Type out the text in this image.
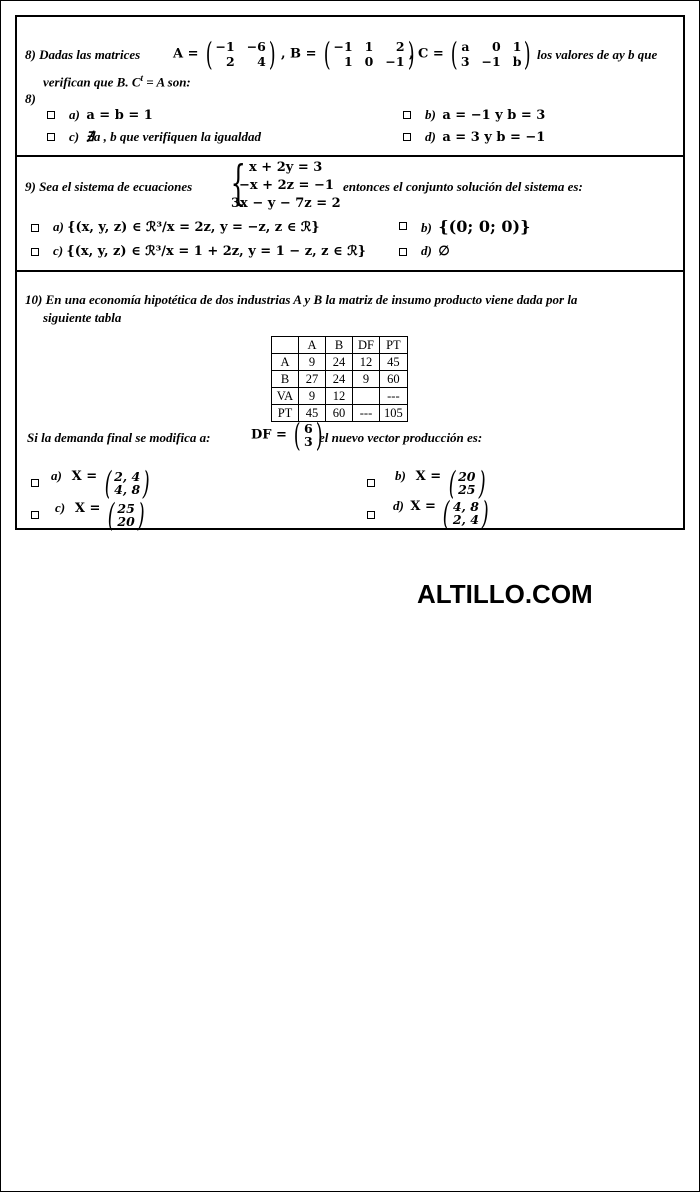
8) Dadas las matrices	A = ( −1 −6
2	4 ) , B = ( −1 1	2
1 0 −1 )
, C = ( a	0 1
3 −1 b ) los valores de ay b que
verifican que B. $C^t = A$ son:
8)
a) a = b = 1	b) a = −1 y b = 3
c) ∄a , b que verifiquen la igualdad	d) a = 3 y b = −1
9) Sea el sistema de ecuaciones { x + 2y = 3
−x + 2z = −1
3x − y − 7z = 2
entonces el conjunto solución del sistema es:
a) {(x, y, z) ∈ ℛ³/x = 2z, y = −z, z ∈ ℛ}	b) {(0; 0; 0)}
c) {(x, y, z) ∈ ℛ³/x = 1 + 2z, y = 1 − z, z ∈ ℛ}	d) ∅
10) En una economía hipotética de dos industrias A y B la matriz de insumo producto viene dada por la
siguiente tabla
	A	B	DF	PT
A	9	24	12	45
B	27	24	9	60
VA	9	12		---
PT	45	60	---	105
Si la demanda final se modifica a:	DF = ( 6
3 )
el nuevo vector producción es:
a) X = ( 2, 4
4, 8 )	b) X = ( 20
25 )
c) X = ( 25
20 )	d) X = ( 4, 8
2, 4 )
ALTILLO.COM
